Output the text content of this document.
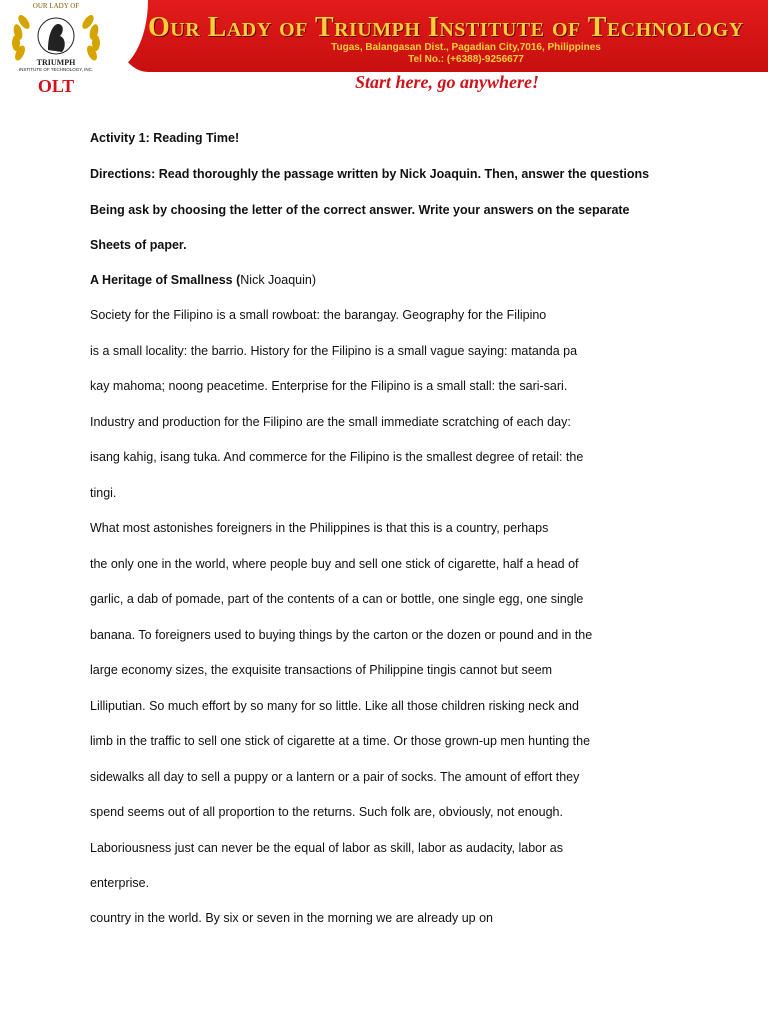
Our Lady of Triumph Institute of Technology
Tugas, Balangasan Dist., Pagadian City,7016, Philippines
Tel No.: (+6388)-9256677
Start here, go anywhere!
OUR LADY OF
TRIUMPH
INSTITUTE OF TECHNOLOGY, INC.
OLT
Activity 1: Reading Time!
Directions: Read thoroughly the passage written by Nick Joaquin. Then, answer the questions
Being ask by choosing the letter of the correct answer. Write your answers on the separate
Sheets of paper.
A Heritage of Smallness (Nick Joaquin)
Society for the Filipino is a small rowboat: the barangay. Geography for the Filipino
is a small locality: the barrio. History for the Filipino is a small vague saying: matanda pa
kay mahoma; noong peacetime. Enterprise for the Filipino is a small stall: the sari-sari.
Industry and production for the Filipino are the small immediate scratching of each day:
isang kahig, isang tuka. And commerce for the Filipino is the smallest degree of retail: the
tingi.
What most astonishes foreigners in the Philippines is that this is a country, perhaps
the only one in the world, where people buy and sell one stick of cigarette, half a head of
garlic, a dab of pomade, part of the contents of a can or bottle, one single egg, one single
banana. To foreigners used to buying things by the carton or the dozen or pound and in the
large economy sizes, the exquisite transactions of Philippine tingis cannot but seem
Lilliputian. So much effort by so many for so little. Like all those children risking neck and
limb in the traffic to sell one stick of cigarette at a time. Or those grown-up men hunting the
sidewalks all day to sell a puppy or a lantern or a pair of socks. The amount of effort they
spend seems out of all proportion to the returns. Such folk are, obviously, not enough.
Laboriousness just can never be the equal of labor as skill, labor as audacity, labor as
enterprise.
country in the world. By six or seven in the morning we are already up on
